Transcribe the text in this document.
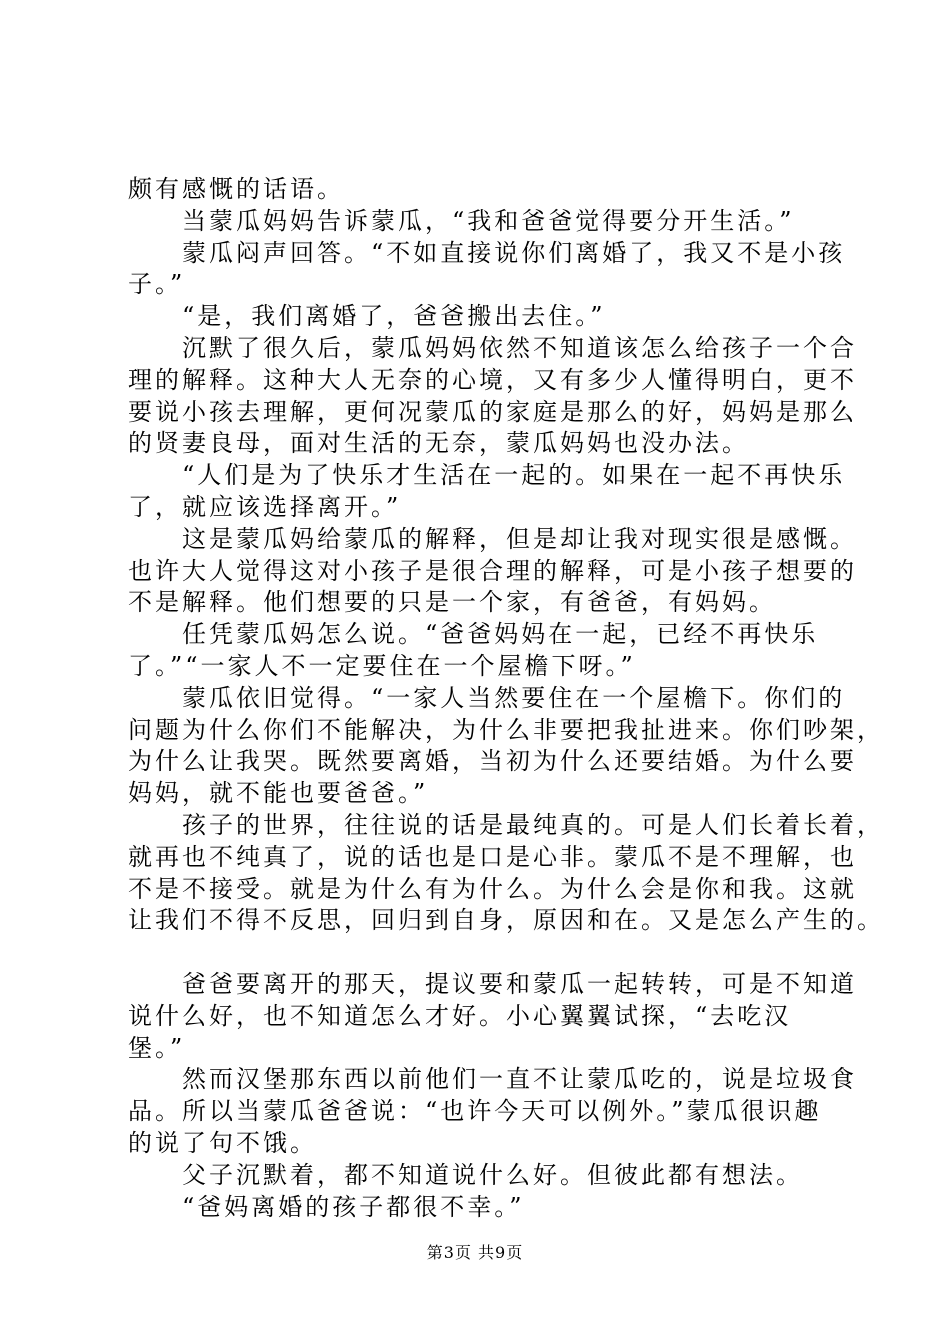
颇有感慨的话语。
当蒙瓜妈妈告诉蒙瓜，“我和爸爸觉得要分开生活。”
蒙瓜闷声回答。“不如直接说你们离婚了，我又不是小孩
子。”
“是，我们离婚了，爸爸搬出去住。”
沉默了很久后，蒙瓜妈妈依然不知道该怎么给孩子一个合
理的解释。这种大人无奈的心境，又有多少人懂得明白，更不
要说小孩去理解，更何况蒙瓜的家庭是那么的好，妈妈是那么
的贤妻良母，面对生活的无奈，蒙瓜妈妈也没办法。
“人们是为了快乐才生活在一起的。如果在一起不再快乐
了，就应该选择离开。”
这是蒙瓜妈给蒙瓜的解释，但是却让我对现实很是感慨。
也许大人觉得这对小孩子是很合理的解释，可是小孩子想要的
不是解释。他们想要的只是一个家，有爸爸，有妈妈。
任凭蒙瓜妈怎么说。“爸爸妈妈在一起，已经不再快乐
了。”“一家人不一定要住在一个屋檐下呀。”
蒙瓜依旧觉得。“一家人当然要住在一个屋檐下。你们的
问题为什么你们不能解决，为什么非要把我扯进来。你们吵架，
为什么让我哭。既然要离婚，当初为什么还要结婚。为什么要
妈妈，就不能也要爸爸。”
孩子的世界，往往说的话是最纯真的。可是人们长着长着，
就再也不纯真了，说的话也是口是心非。蒙瓜不是不理解，也
不是不接受。就是为什么有为什么。为什么会是你和我。这就
让我们不得不反思，回归到自身，原因和在。又是怎么产生的。
爸爸要离开的那天，提议要和蒙瓜一起转转，可是不知道
说什么好，也不知道怎么才好。小心翼翼试探，“去吃汉
堡。”
然而汉堡那东西以前他们一直不让蒙瓜吃的，说是垃圾食
品。所以当蒙瓜爸爸说：“也许今天可以例外。”蒙瓜很识趣
的说了句不饿。
父子沉默着，都不知道说什么好。但彼此都有想法。
“爸妈离婚的孩子都很不幸。”
第3页 共9页
